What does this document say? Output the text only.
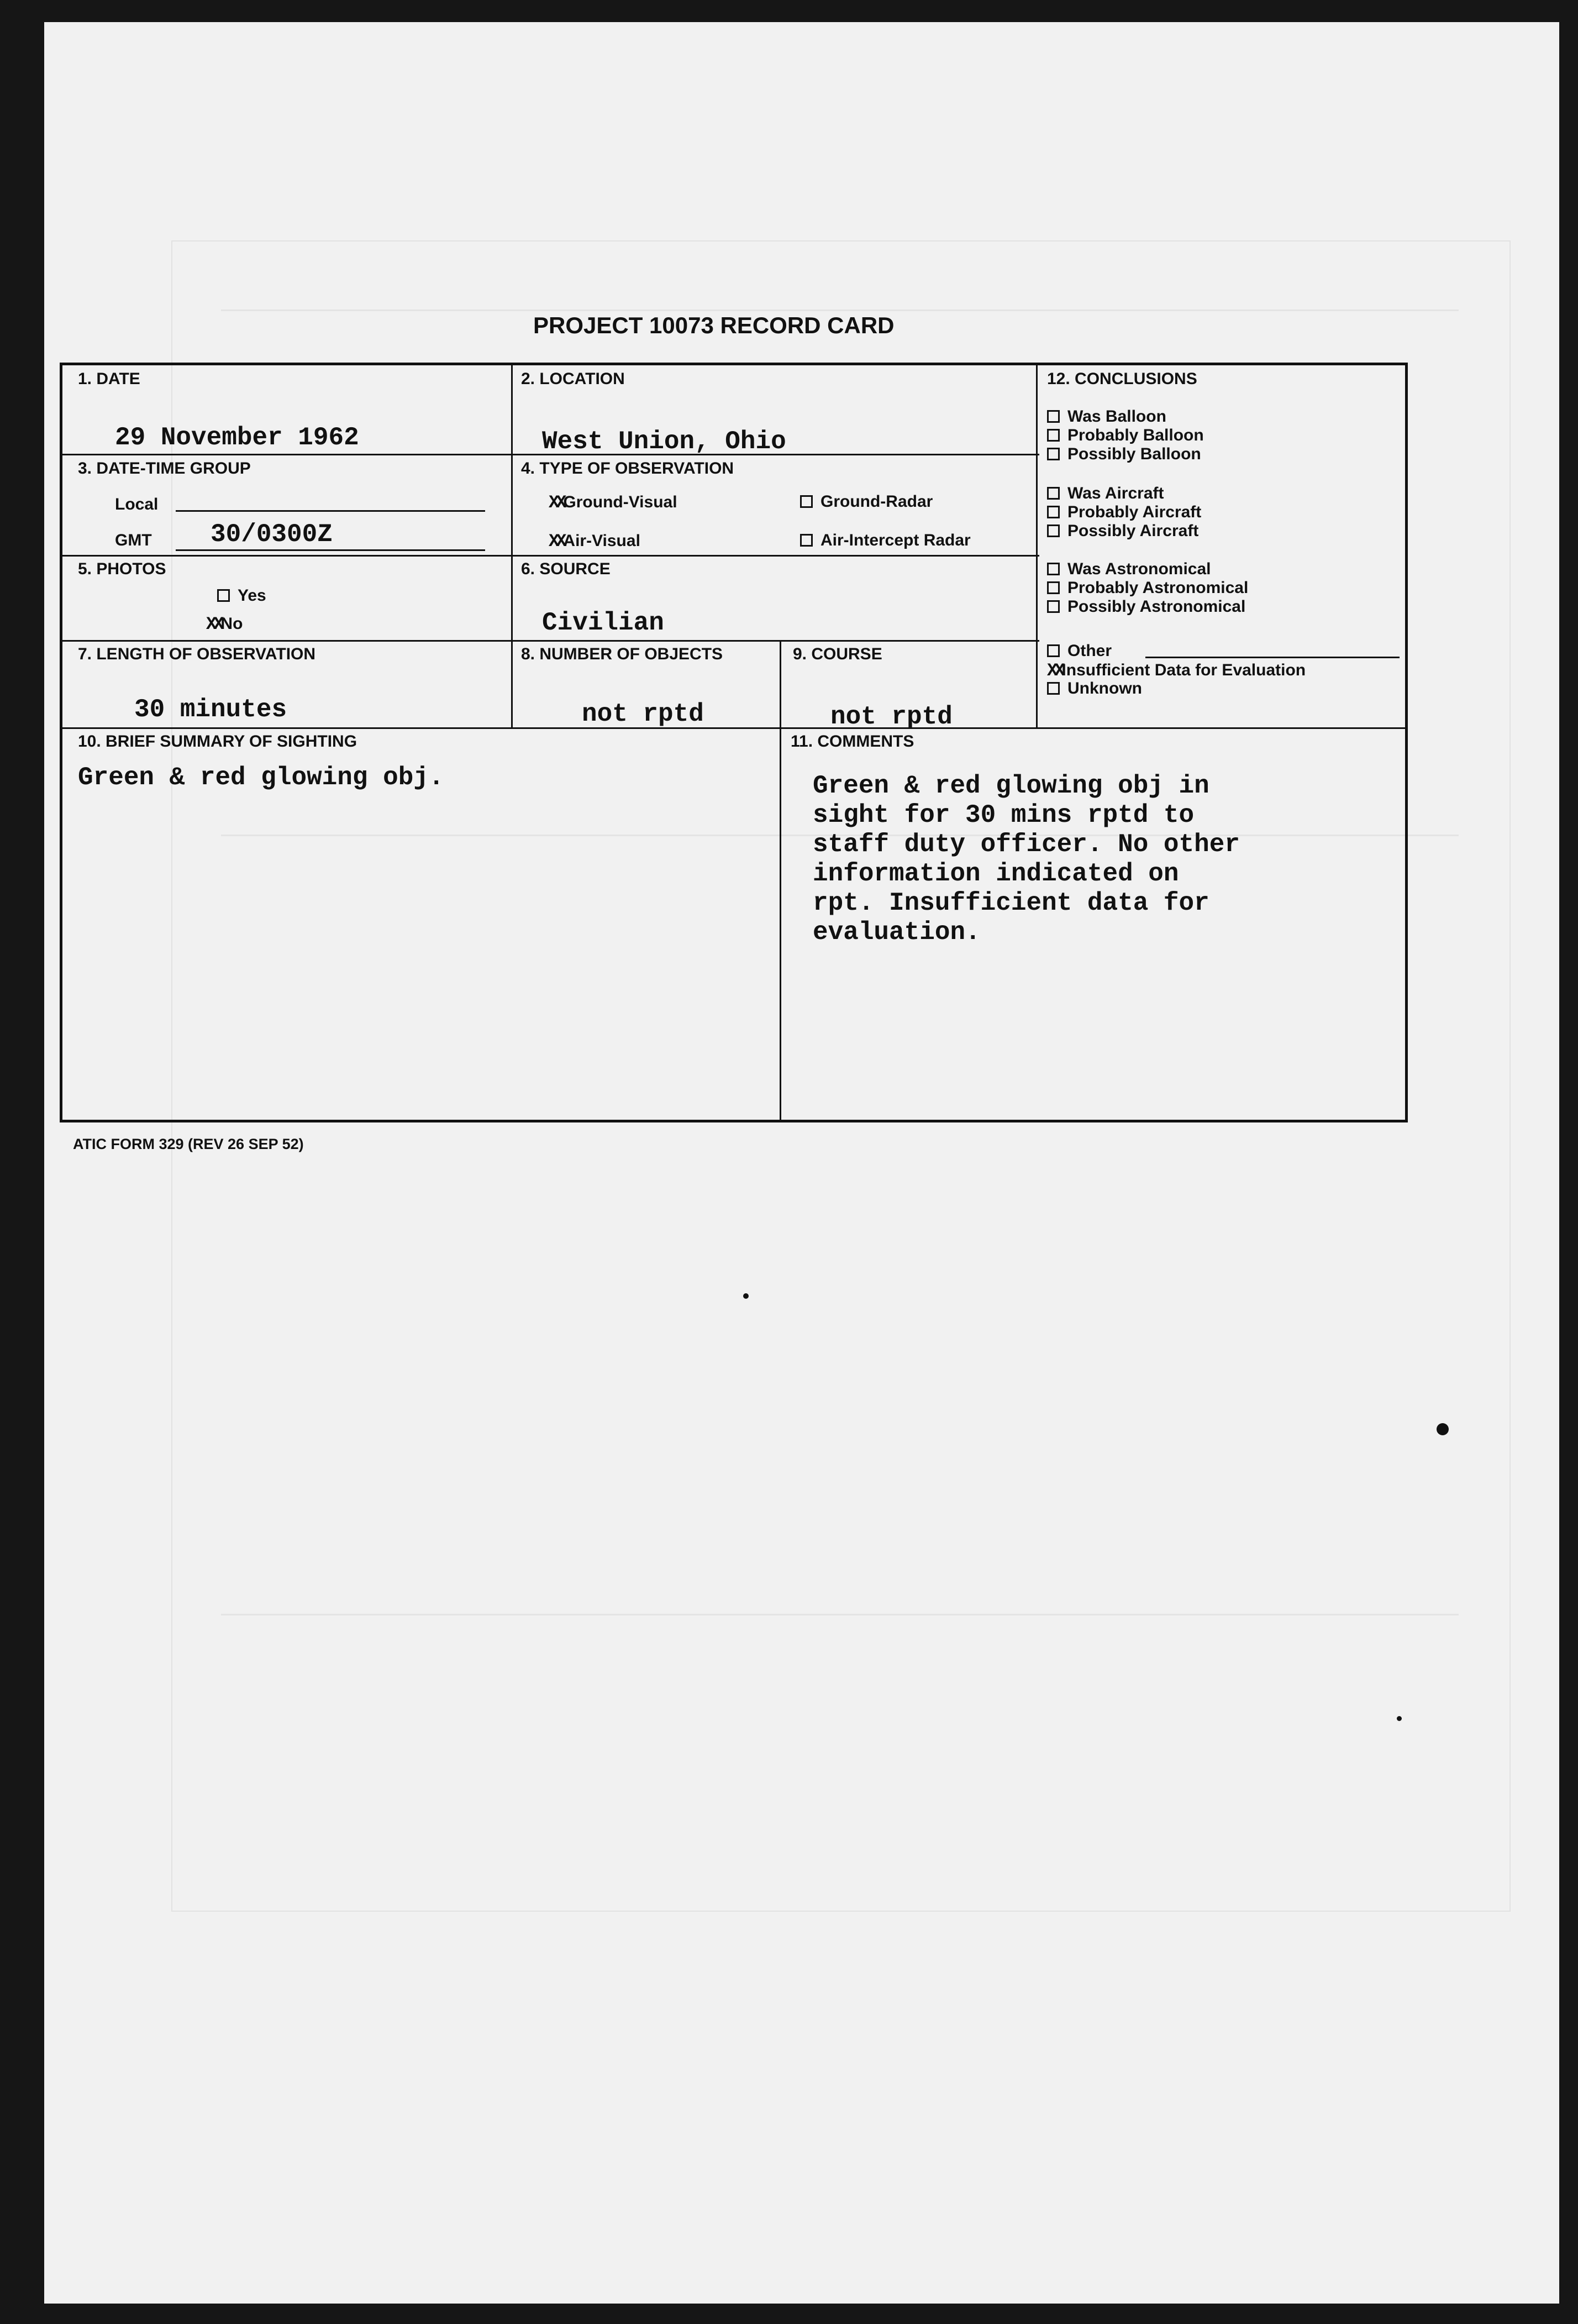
PROJECT 10073 RECORD CARD
1. DATE
29 November 1962
2. LOCATION
West Union, Ohio
3. DATE-TIME GROUP
Local
GMT 30/0300Z
4. TYPE OF OBSERVATION
XXGround-Visual	Ground-Radar
XXAir-Visual	Air-Intercept Radar
5. PHOTOS
Yes
XXNo
6. SOURCE
Civilian
7. LENGTH OF OBSERVATION
30 minutes
8. NUMBER OF OBJECTS
not rptd
9. COURSE
not rptd
12. CONCLUSIONS
Was Balloon
Probably Balloon
Possibly Balloon
Was Aircraft
Probably Aircraft
Possibly Aircraft
Was Astronomical
Probably Astronomical
Possibly Astronomical
Other
XXInsufficient Data for Evaluation
Unknown
10. BRIEF SUMMARY OF SIGHTING
Green & red glowing obj.
11. COMMENTS
Green & red glowing obj in
sight for 30 mins rptd to
staff duty officer. No other
information indicated on
rpt. Insufficient data for
evaluation.
ATIC FORM 329 (REV 26 SEP 52)
